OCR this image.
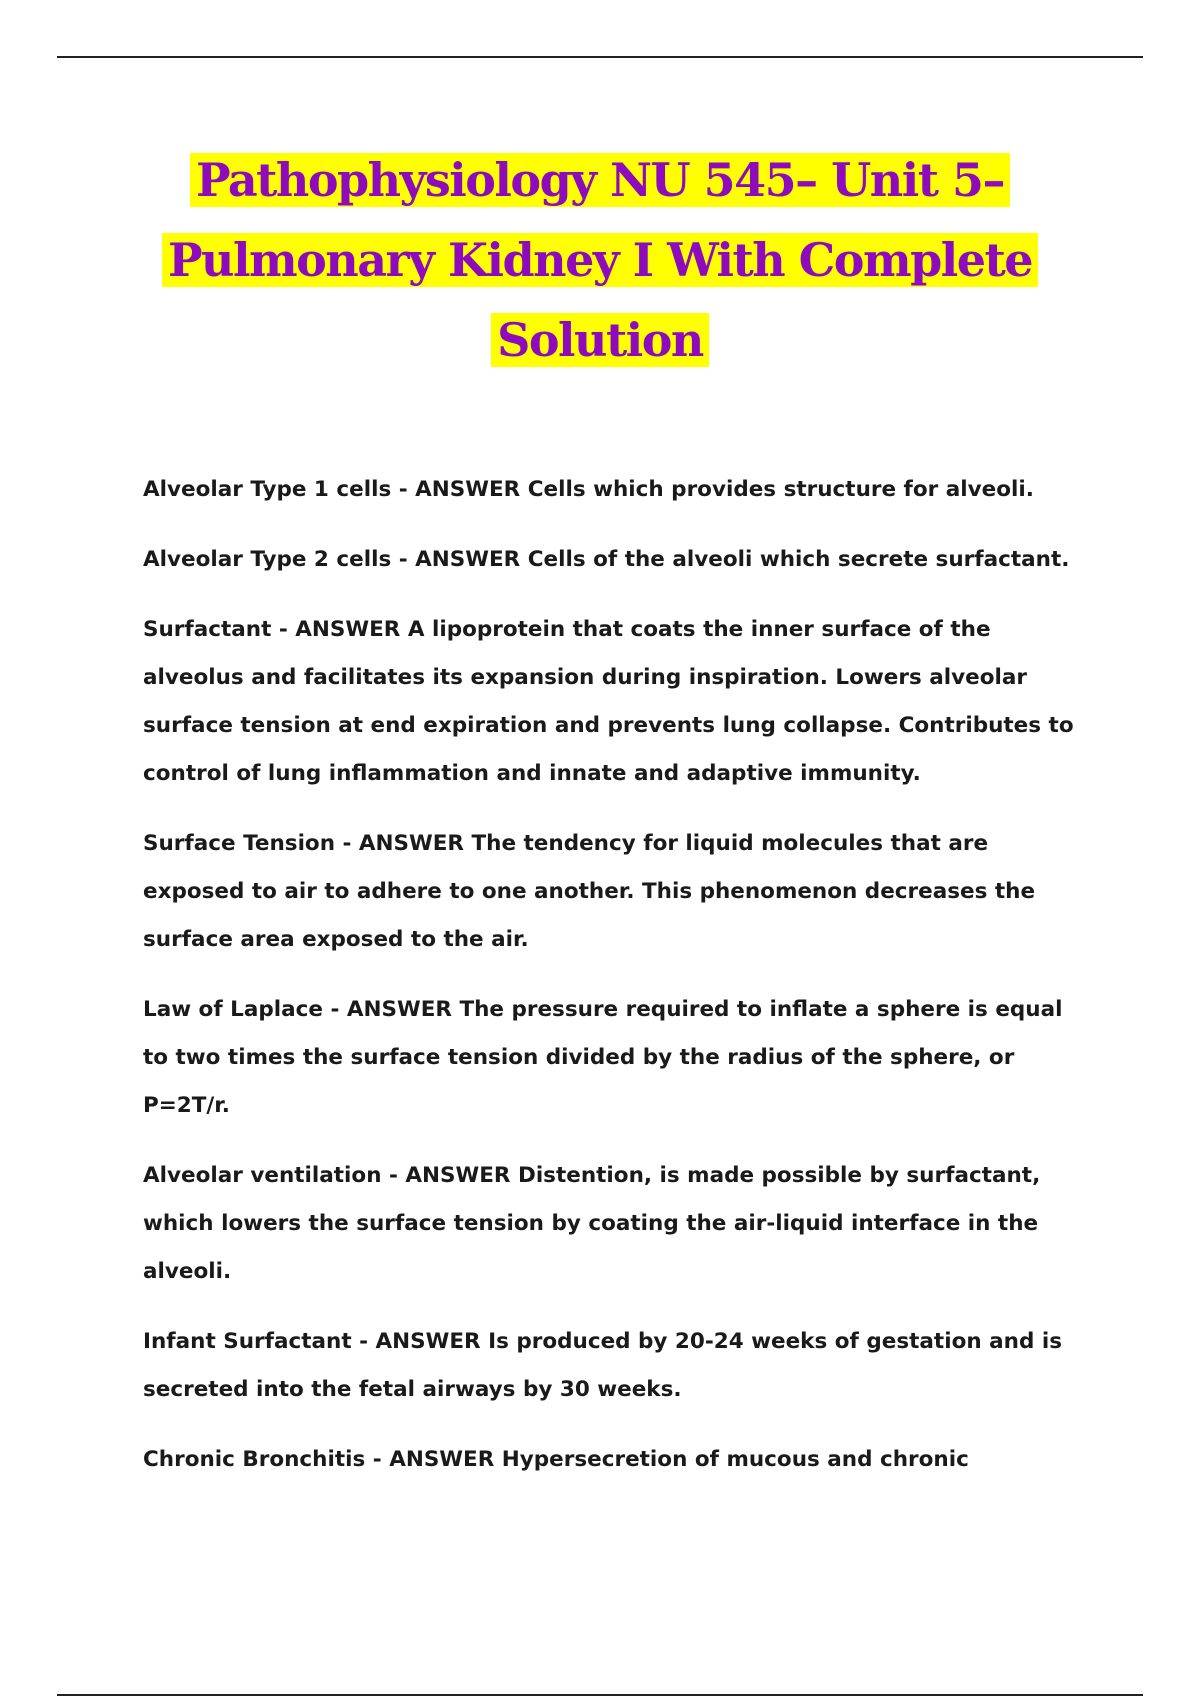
Pathophysiology NU 545– Unit 5–
Pulmonary Kidney I With Complete
Solution

Alveolar Type 1 cells - ANSWER Cells which provides structure for alveoli.

Alveolar Type 2 cells - ANSWER Cells of the alveoli which secrete surfactant.

Surfactant - ANSWER A lipoprotein that coats the inner surface of the alveolus and facilitates its expansion during inspiration. Lowers alveolar surface tension at end expiration and prevents lung collapse. Contributes to control of lung inflammation and innate and adaptive immunity.

Surface Tension - ANSWER The tendency for liquid molecules that are exposed to air to adhere to one another. This phenomenon decreases the surface area exposed to the air.

Law of Laplace - ANSWER The pressure required to inflate a sphere is equal to two times the surface tension divided by the radius of the sphere, or P=2T/r.

Alveolar ventilation - ANSWER Distention, is made possible by surfactant, which lowers the surface tension by coating the air-liquid interface in the alveoli.

Infant Surfactant - ANSWER Is produced by 20-24 weeks of gestation and is secreted into the fetal airways by 30 weeks.

Chronic Bronchitis - ANSWER Hypersecretion of mucous and chronic
